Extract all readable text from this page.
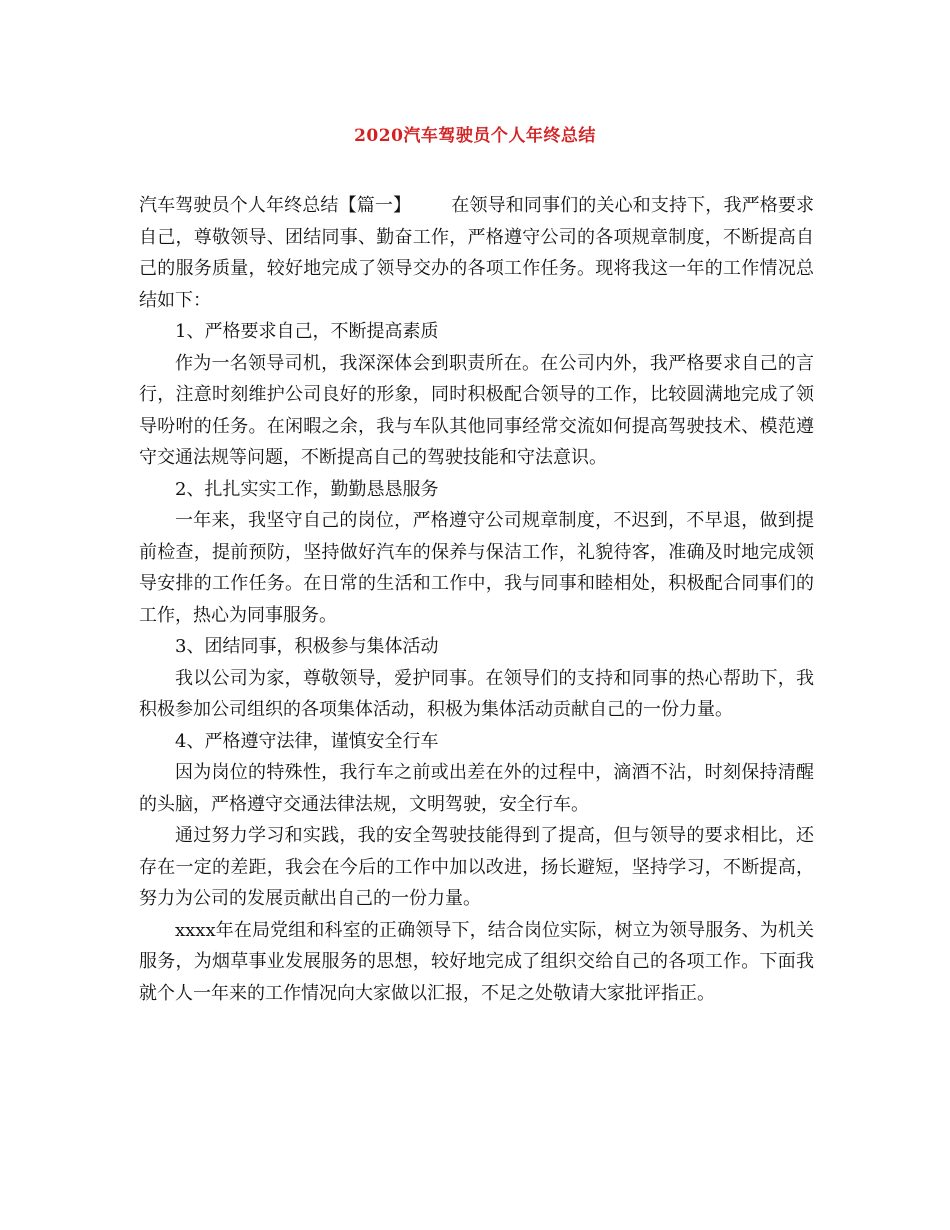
2020汽车驾驶员个人年终总结

汽车驾驶员个人年终总结【篇一】 在领导和同事们的关心和支持下，我严格要求自己，尊敬领导、团结同事、勤奋工作，严格遵守公司的各项规章制度，不断提高自己的服务质量，较好地完成了领导交办的各项工作任务。现将我这一年的工作情况总结如下：

1、严格要求自己，不断提高素质

作为一名领导司机，我深深体会到职责所在。在公司内外，我严格要求自己的言行，注意时刻维护公司良好的形象，同时积极配合领导的工作，比较圆满地完成了领导吩咐的任务。在闲暇之余，我与车队其他同事经常交流如何提高驾驶技术、模范遵守交通法规等问题，不断提高自己的驾驶技能和守法意识。

2、扎扎实实工作，勤勤恳恳服务

一年来，我坚守自己的岗位，严格遵守公司规章制度，不迟到，不早退，做到提前检查，提前预防，坚持做好汽车的保养与保洁工作，礼貌待客，准确及时地完成领导安排的工作任务。在日常的生活和工作中，我与同事和睦相处，积极配合同事们的工作，热心为同事服务。

3、团结同事，积极参与集体活动

我以公司为家，尊敬领导，爱护同事。在领导们的支持和同事的热心帮助下，我积极参加公司组织的各项集体活动，积极为集体活动贡献自己的一份力量。

4、严格遵守法律，谨慎安全行车

因为岗位的特殊性，我行车之前或出差在外的过程中，滴酒不沾，时刻保持清醒的头脑，严格遵守交通法律法规，文明驾驶，安全行车。

通过努力学习和实践，我的安全驾驶技能得到了提高，但与领导的要求相比，还存在一定的差距，我会在今后的工作中加以改进，扬长避短，坚持学习，不断提高，努力为公司的发展贡献出自己的一份力量。

xxxx年在局党组和科室的正确领导下，结合岗位实际，树立为领导服务、为机关服务，为烟草事业发展服务的思想，较好地完成了组织交给自己的各项工作。下面我就个人一年来的工作情况向大家做以汇报，不足之处敬请大家批评指正。
